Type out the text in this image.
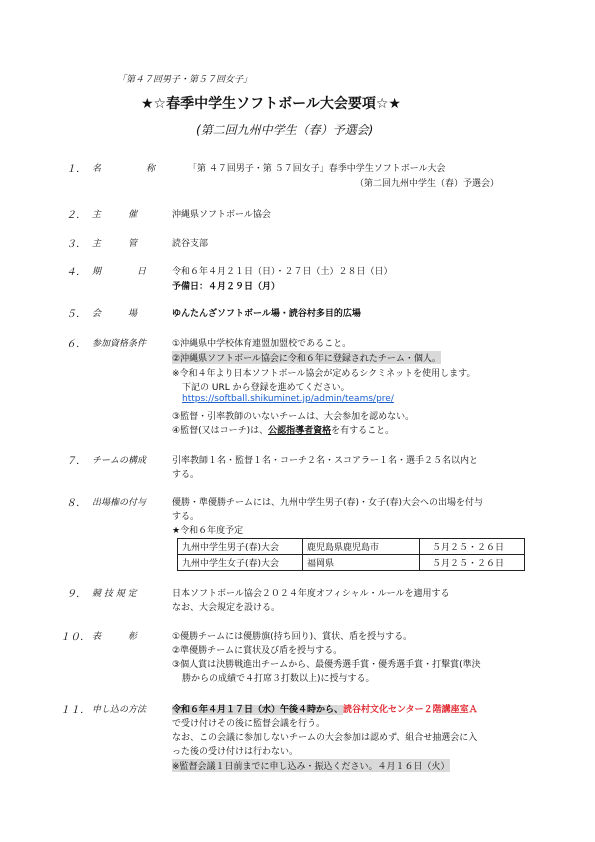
「第４７回男子・第５７回女子」
★☆春季中学生ソフトボール大会要項☆★
(第二回九州中学生（春）予選会)
１． 名　　　　　称	「第 ４７回男子・第 ５７回女子」春季中学生ソフトボール大会
（第二回九州中学生（春）予選会）
２． 主　　　催	沖縄県ソフトボール協会
３． 主　　　管	読谷支部
４． 期　　　　日	令和６年４月２１日（日）・２７日（土）２８日（日）
予備日：４月２９日（月）
５． 会　　　場	ゆんたんざソフトボール場・読谷村多目的広場
６． 参加資格条件	①沖縄県中学校体育連盟加盟校であること。
②沖縄県ソフトボール協会に令和６年に登録されたチーム・個人。
※令和４年より日本ソフトボール協会が定めるシクミネットを使用します。
下記の URL から登録を進めてください。
https://softball.shikuminet.jp/admin/teams/pre/
③監督・引率教師のいないチームは、大会参加を認めない。
④監督(又はコーチ)は、公認指導者資格を有すること。
７． チームの構成	引率教師１名・監督１名・コーチ２名・スコアラー１名・選手２５名以内と
する。
８． 出場権の付与	優勝・準優勝チームには、九州中学生男子(春)・女子(春)大会への出場を付与
する。
★令和６年度予定
九州中学生男子(春)大会	鹿児島県鹿児島市	５月２５・２６日
九州中学生女子(春)大会	福岡県	５月２５・２６日
９． 競 技 規 定	日本ソフトボール協会２０２４年度オフィシャル・ルールを適用する
なお、大会規定を設ける。
１０． 表　　　彰	①優勝チームには優勝旗(持ち回り)、賞状、盾を授与する。
②準優勝チームに賞状及び盾を授与する。
③個人賞は決勝戦進出チームから、最優秀選手賞・優秀選手賞・打撃賞(準決
勝からの成績で４打席３打数以上)に授与する。
１１． 申し込の方法	令和６年４月１７日（水）午後４時から、読谷村文化センター２階講座室Ａ
で受け付けその後に監督会議を行う。
なお、この会議に参加しないチームの大会参加は認めず、組合せ抽選会に入
った後の受け付けは行わない。
※監督会議１日前までに申し込み・振込ください。４月１６日（火）
